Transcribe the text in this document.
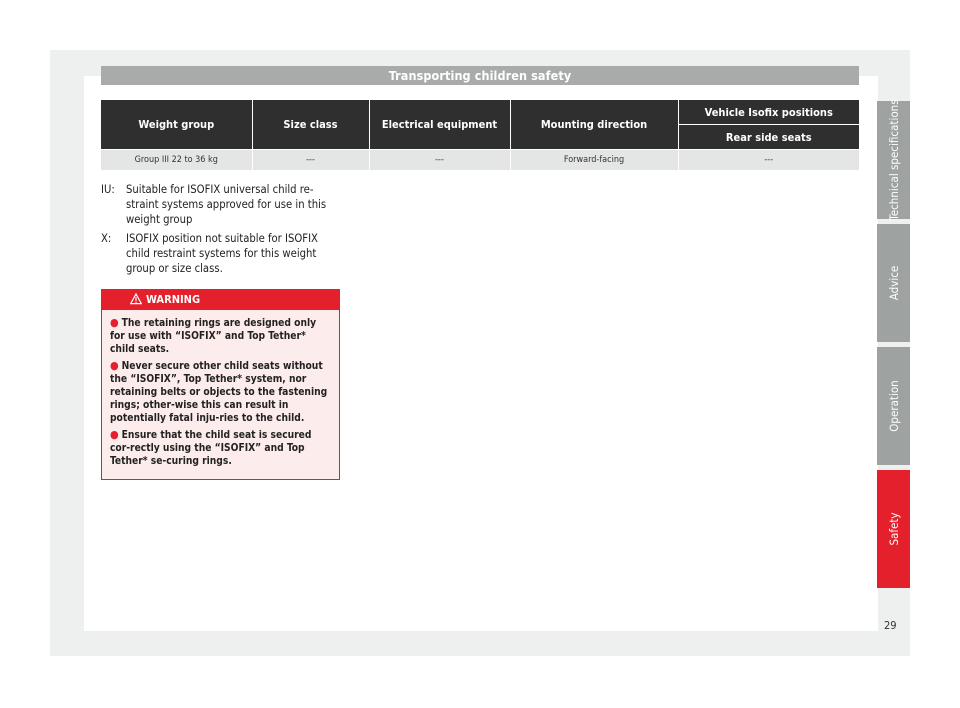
Transporting children safety
Weight group	Size class	Electrical equipment	Mounting direction	Vehicle Isofix positions
				Rear side seats
Group III 22 to 36 kg	---	---	Forward-facing	---
IU:	Suitable for ISOFIX universal child re-straint systems approved for use in this weight group
X:	ISOFIX position not suitable for ISOFIX child restraint systems for this weight group or size class.
WARNING
● The retaining rings are designed only for use with “ISOFIX” and Top Tether* child seats.
● Never secure other child seats without the “ISOFIX”, Top Tether* system, nor retaining belts or objects to the fastening rings; other-wise this can result in potentially fatal inju-ries to the child.
● Ensure that the child seat is secured cor-rectly using the “ISOFIX” and Top Tether* se-curing rings.
Technical specifications
Advice
Operation
Safety
29
